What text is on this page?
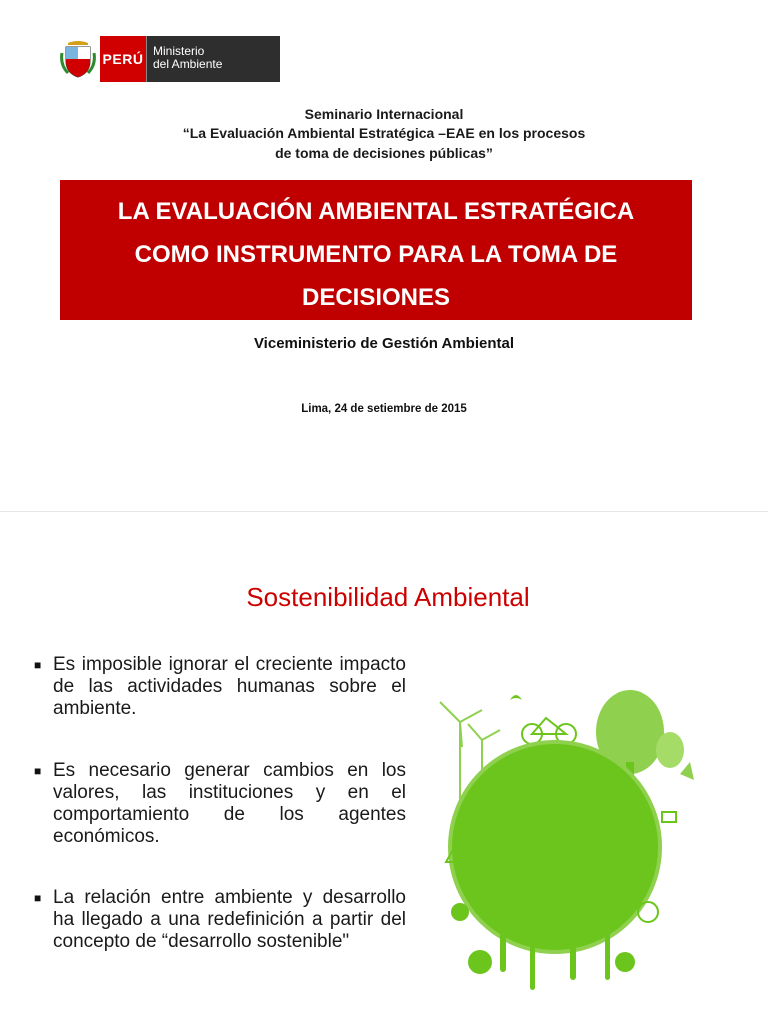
PERÚ Ministerio
del Ambiente
Seminario Internacional
“La Evaluación Ambiental Estratégica –EAE en los procesos
de toma de decisiones públicas”
LA EVALUACIÓN AMBIENTAL ESTRATÉGICA
COMO INSTRUMENTO PARA LA TOMA DE
DECISIONES
Viceministerio de Gestión Ambiental
Lima, 24 de setiembre de 2015
Sostenibilidad Ambiental
■ Es imposible ignorar el creciente impacto de las actividades humanas sobre el ambiente.
■ Es necesario generar cambios en los valores, las instituciones y en el comportamiento de los agentes económicos.
■ La relación entre ambiente y desarrollo ha llegado a una redefinición a partir del concepto de “desarrollo sostenible"
